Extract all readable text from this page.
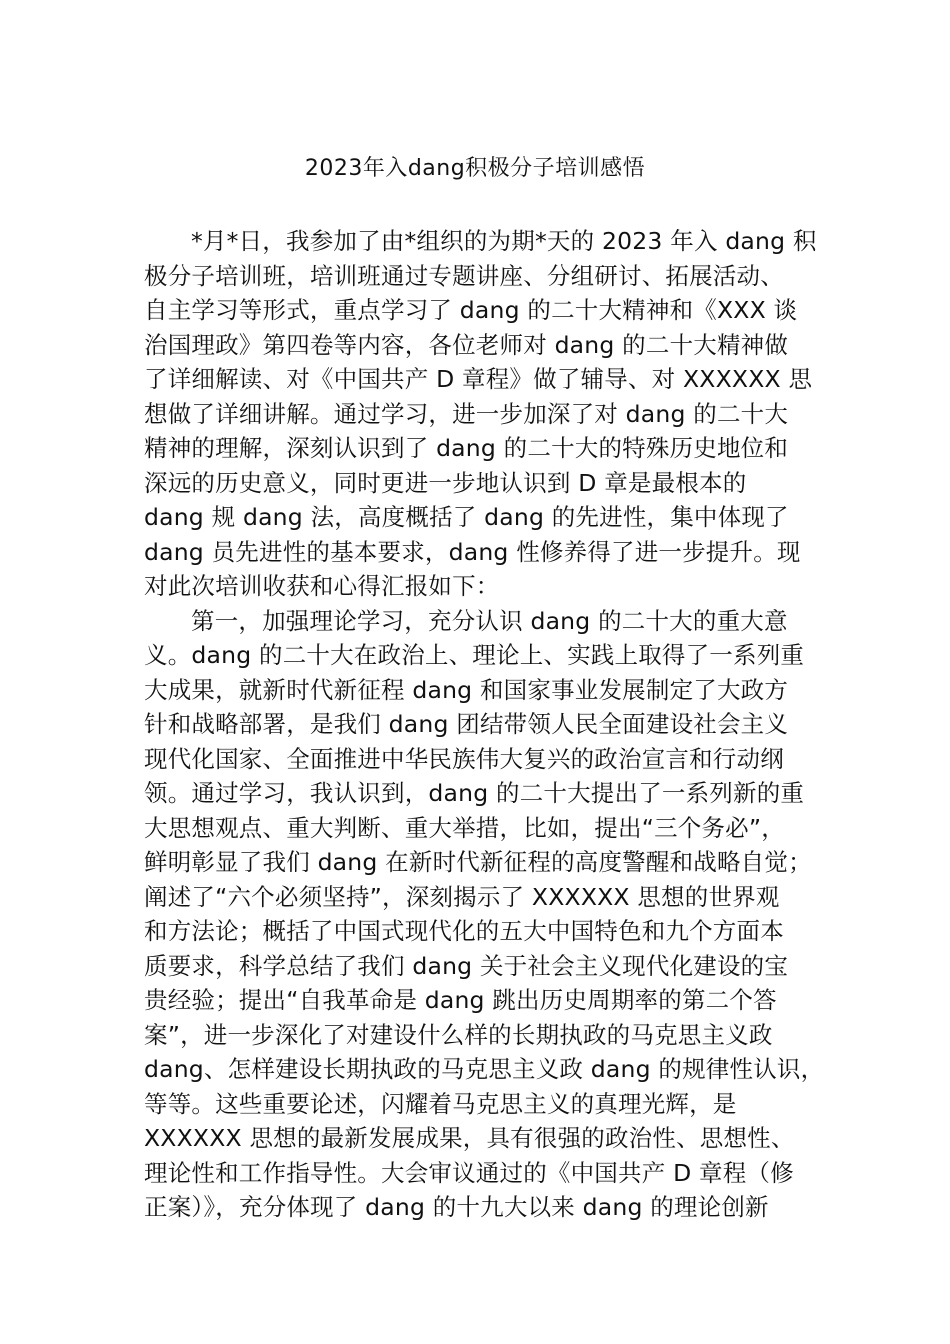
2023年入dang积极分子培训感悟
*月*日，我参加了由*组织的为期*天的 2023 年入 dang 积
极分子培训班，培训班通过专题讲座、分组研讨、拓展活动、
自主学习等形式，重点学习了 dang 的二十大精神和《XXX 谈
治国理政》第四卷等内容，各位老师对 dang 的二十大精神做
了详细解读、对《中国共产 D 章程》做了辅导、对 XXXXXX 思
想做了详细讲解。通过学习，进一步加深了对 dang 的二十大
精神的理解，深刻认识到了 dang 的二十大的特殊历史地位和
深远的历史意义，同时更进一步地认识到 D 章是最根本的
dang 规 dang 法，高度概括了 dang 的先进性，集中体现了
dang 员先进性的基本要求，dang 性修养得了进一步提升。现
对此次培训收获和心得汇报如下：
第一，加强理论学习，充分认识 dang 的二十大的重大意
义。dang 的二十大在政治上、理论上、实践上取得了一系列重
大成果，就新时代新征程 dang 和国家事业发展制定了大政方
针和战略部署，是我们 dang 团结带领人民全面建设社会主义
现代化国家、全面推进中华民族伟大复兴的政治宣言和行动纲
领。通过学习，我认识到，dang 的二十大提出了一系列新的重
大思想观点、重大判断、重大举措，比如，提出“三个务必”，
鲜明彰显了我们 dang 在新时代新征程的高度警醒和战略自觉；
阐述了“六个必须坚持”，深刻揭示了 XXXXXX 思想的世界观
和方法论；概括了中国式现代化的五大中国特色和九个方面本
质要求，科学总结了我们 dang 关于社会主义现代化建设的宝
贵经验；提出“自我革命是 dang 跳出历史周期率的第二个答
案”，进一步深化了对建设什么样的长期执政的马克思主义政
dang、怎样建设长期执政的马克思主义政 dang 的规律性认识，
等等。这些重要论述，闪耀着马克思主义的真理光辉，是
XXXXXX 思想的最新发展成果，具有很强的政治性、思想性、
理论性和工作指导性。大会审议通过的《中国共产 D 章程（修
正案）》，充分体现了 dang 的十九大以来 dang 的理论创新
